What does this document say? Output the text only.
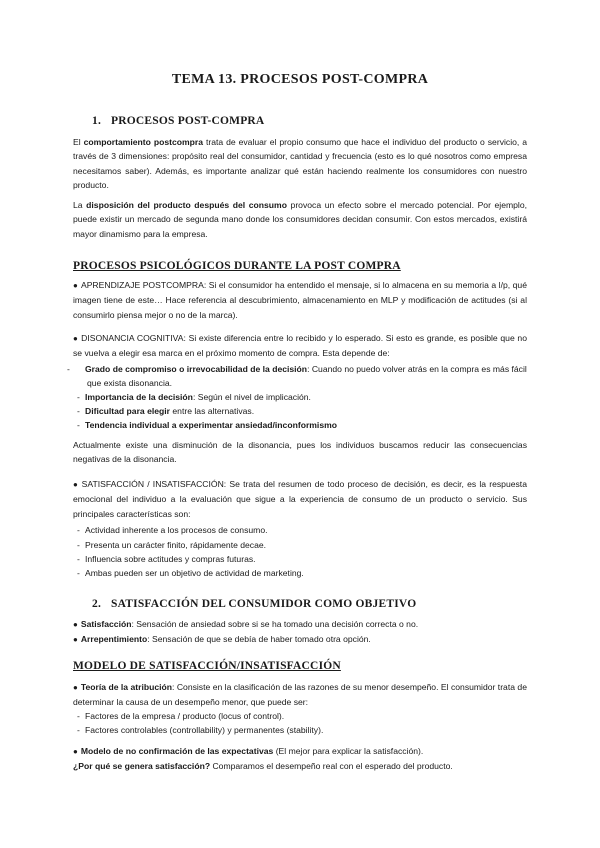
TEMA 13. PROCESOS POST-COMPRA
1. PROCESOS POST-COMPRA
El comportamiento postcompra trata de evaluar el propio consumo que hace el individuo del producto o servicio, a través de 3 dimensiones: propósito real del consumidor, cantidad y frecuencia (esto es lo qué nosotros como empresa necesitamos saber). Además, es importante analizar qué están haciendo realmente los consumidores con nuestro producto.
La disposición del producto después del consumo provoca un efecto sobre el mercado potencial. Por ejemplo, puede existir un mercado de segunda mano donde los consumidores decidan consumir. Con estos mercados, existirá mayor dinamismo para la empresa.
PROCESOS PSICOLÓGICOS DURANTE LA POST COMPRA
● APRENDIZAJE POSTCOMPRA: Si el consumidor ha entendido el mensaje, si lo almacena en su memoria a l/p, qué imagen tiene de este… Hace referencia al descubrimiento, almacenamiento en MLP y modificación de actitudes (si al consumirlo piensa mejor o no de la marca).
● DISONANCIA COGNITIVA: Si existe diferencia entre lo recibido y lo esperado. Si esto es grande, es posible que no se vuelva a elegir esa marca en el próximo momento de compra. Esta depende de:
- Grado de compromiso o irrevocabilidad de la decisión: Cuando no puedo volver atrás en la compra es más fácil que exista disonancia.
- Importancia de la decisión: Según el nivel de implicación.
- Dificultad para elegir entre las alternativas.
- Tendencia individual a experimentar ansiedad/inconformismo
Actualmente existe una disminución de la disonancia, pues los individuos buscamos reducir las consecuencias negativas de la disonancia.
● SATISFACCIÓN / INSATISFACCIÓN: Se trata del resumen de todo proceso de decisión, es decir, es la respuesta emocional del individuo a la evaluación que sigue a la experiencia de consumo de un producto o servicio. Sus principales características son:
- Actividad inherente a los procesos de consumo.
- Presenta un carácter finito, rápidamente decae.
- Influencia sobre actitudes y compras futuras.
- Ambas pueden ser un objetivo de actividad de marketing.
2. SATISFACCIÓN DEL CONSUMIDOR COMO OBJETIVO
● Satisfacción: Sensación de ansiedad sobre si se ha tomado una decisión correcta o no.
● Arrepentimiento: Sensación de que se debía de haber tomado otra opción.
MODELO DE SATISFACCIÓN/INSATISFACCIÓN
● Teoría de la atribución: Consiste en la clasificación de las razones de su menor desempeño. El consumidor trata de determinar la causa de un desempeño menor, que puede ser:
- Factores de la empresa / producto (locus of control).
- Factores controlables (controllability) y permanentes (stability).
● Modelo de no confirmación de las expectativas (El mejor para explicar la satisfacción).
¿Por qué se genera satisfacción? Comparamos el desempeño real con el esperado del producto.
